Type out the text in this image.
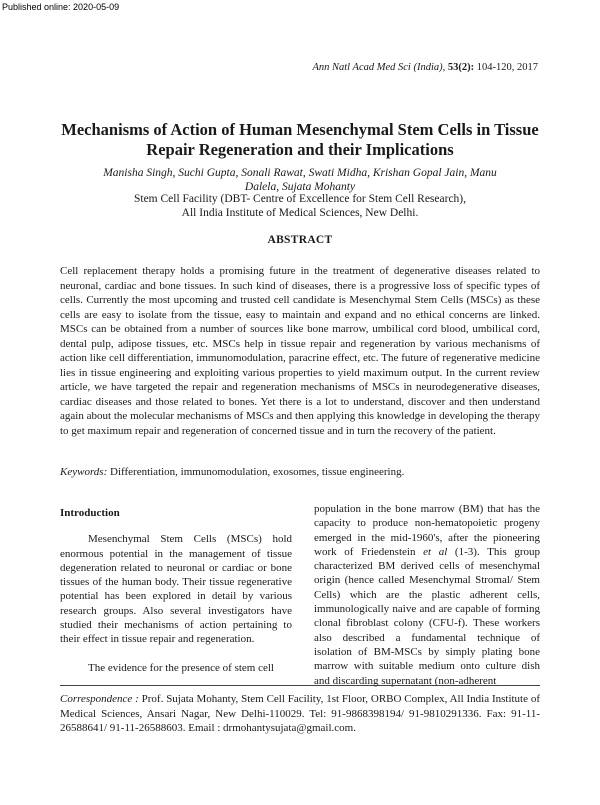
Published online: 2020-05-09
Ann Natl Acad Med Sci (India), 53(2): 104-120, 2017
Mechanisms of Action of Human Mesenchymal Stem Cells in Tissue Repair Regeneration and their Implications
Manisha Singh, Suchi Gupta, Sonali Rawat, Swati Midha, Krishan Gopal Jain, Manu Dalela, Sujata Mohanty
Stem Cell Facility (DBT- Centre of Excellence for Stem Cell Research),
All India Institute of Medical Sciences, New Delhi.
ABSTRACT

Cell replacement therapy holds a promising future in the treatment of degenerative diseases related to neuronal, cardiac and bone tissues. In such kind of diseases, there is a progressive loss of specific types of cells. Currently the most upcoming and trusted cell candidate is Mesenchymal Stem Cells (MSCs) as these cells are easy to isolate from the tissue, easy to maintain and expand and no ethical concerns are linked. MSCs can be obtained from a number of sources like bone marrow, umbilical cord blood, umbilical cord, dental pulp, adipose tissues, etc. MSCs help in tissue repair and regeneration by various mechanisms of action like cell differentiation, immunomodulation, paracrine effect, etc. The future of regenerative medicine lies in tissue engineering and exploiting various properties to yield maximum output. In the current review article, we have targeted the repair and regeneration mechanisms of MSCs in neurodegenerative diseases, cardiac diseases and those related to bones. Yet there is a lot to understand, discover and then understand again about the molecular mechanisms of MSCs and then applying this knowledge in developing the therapy to get maximum repair and regeneration of concerned tissue and in turn the recovery of the patient.

Keywords: Differentiation, immunomodulation, exosomes, tissue engineering.
Introduction

Mesenchymal Stem Cells (MSCs) hold enormous potential in the management of tissue degeneration related to neuronal or cardiac or bone tissues of the human body. Their tissue regenerative potential has been explored in detail by various research groups. Also several investigators have studied their mechanisms of action pertaining to their effect in tissue repair and regeneration.

The evidence for the presence of stem cell

population in the bone marrow (BM) that has the capacity to produce non-hematopoietic progeny emerged in the mid-1960's, after the pioneering work of Friedenstein et al (1-3). This group characterized BM derived cells of mesenchymal origin (hence called Mesenchymal Stromal/ Stem Cells) which are the plastic adherent cells, immunologically naive and are capable of forming clonal fibroblast colony (CFU-f). These workers also described a fundamental technique of isolation of BM-MSCs by simply plating bone marrow with suitable medium onto culture dish and discarding supernatant (non-adherent

Correspondence : Prof. Sujata Mohanty, Stem Cell Facility, 1st Floor, ORBO Complex, All India Institute of Medical Sciences, Ansari Nagar, New Delhi-110029. Tel: 91-9868398194/ 91-9810291336. Fax: 91-11-26588641/ 91-11-26588603. Email : drmohantysujata@gmail.com.
